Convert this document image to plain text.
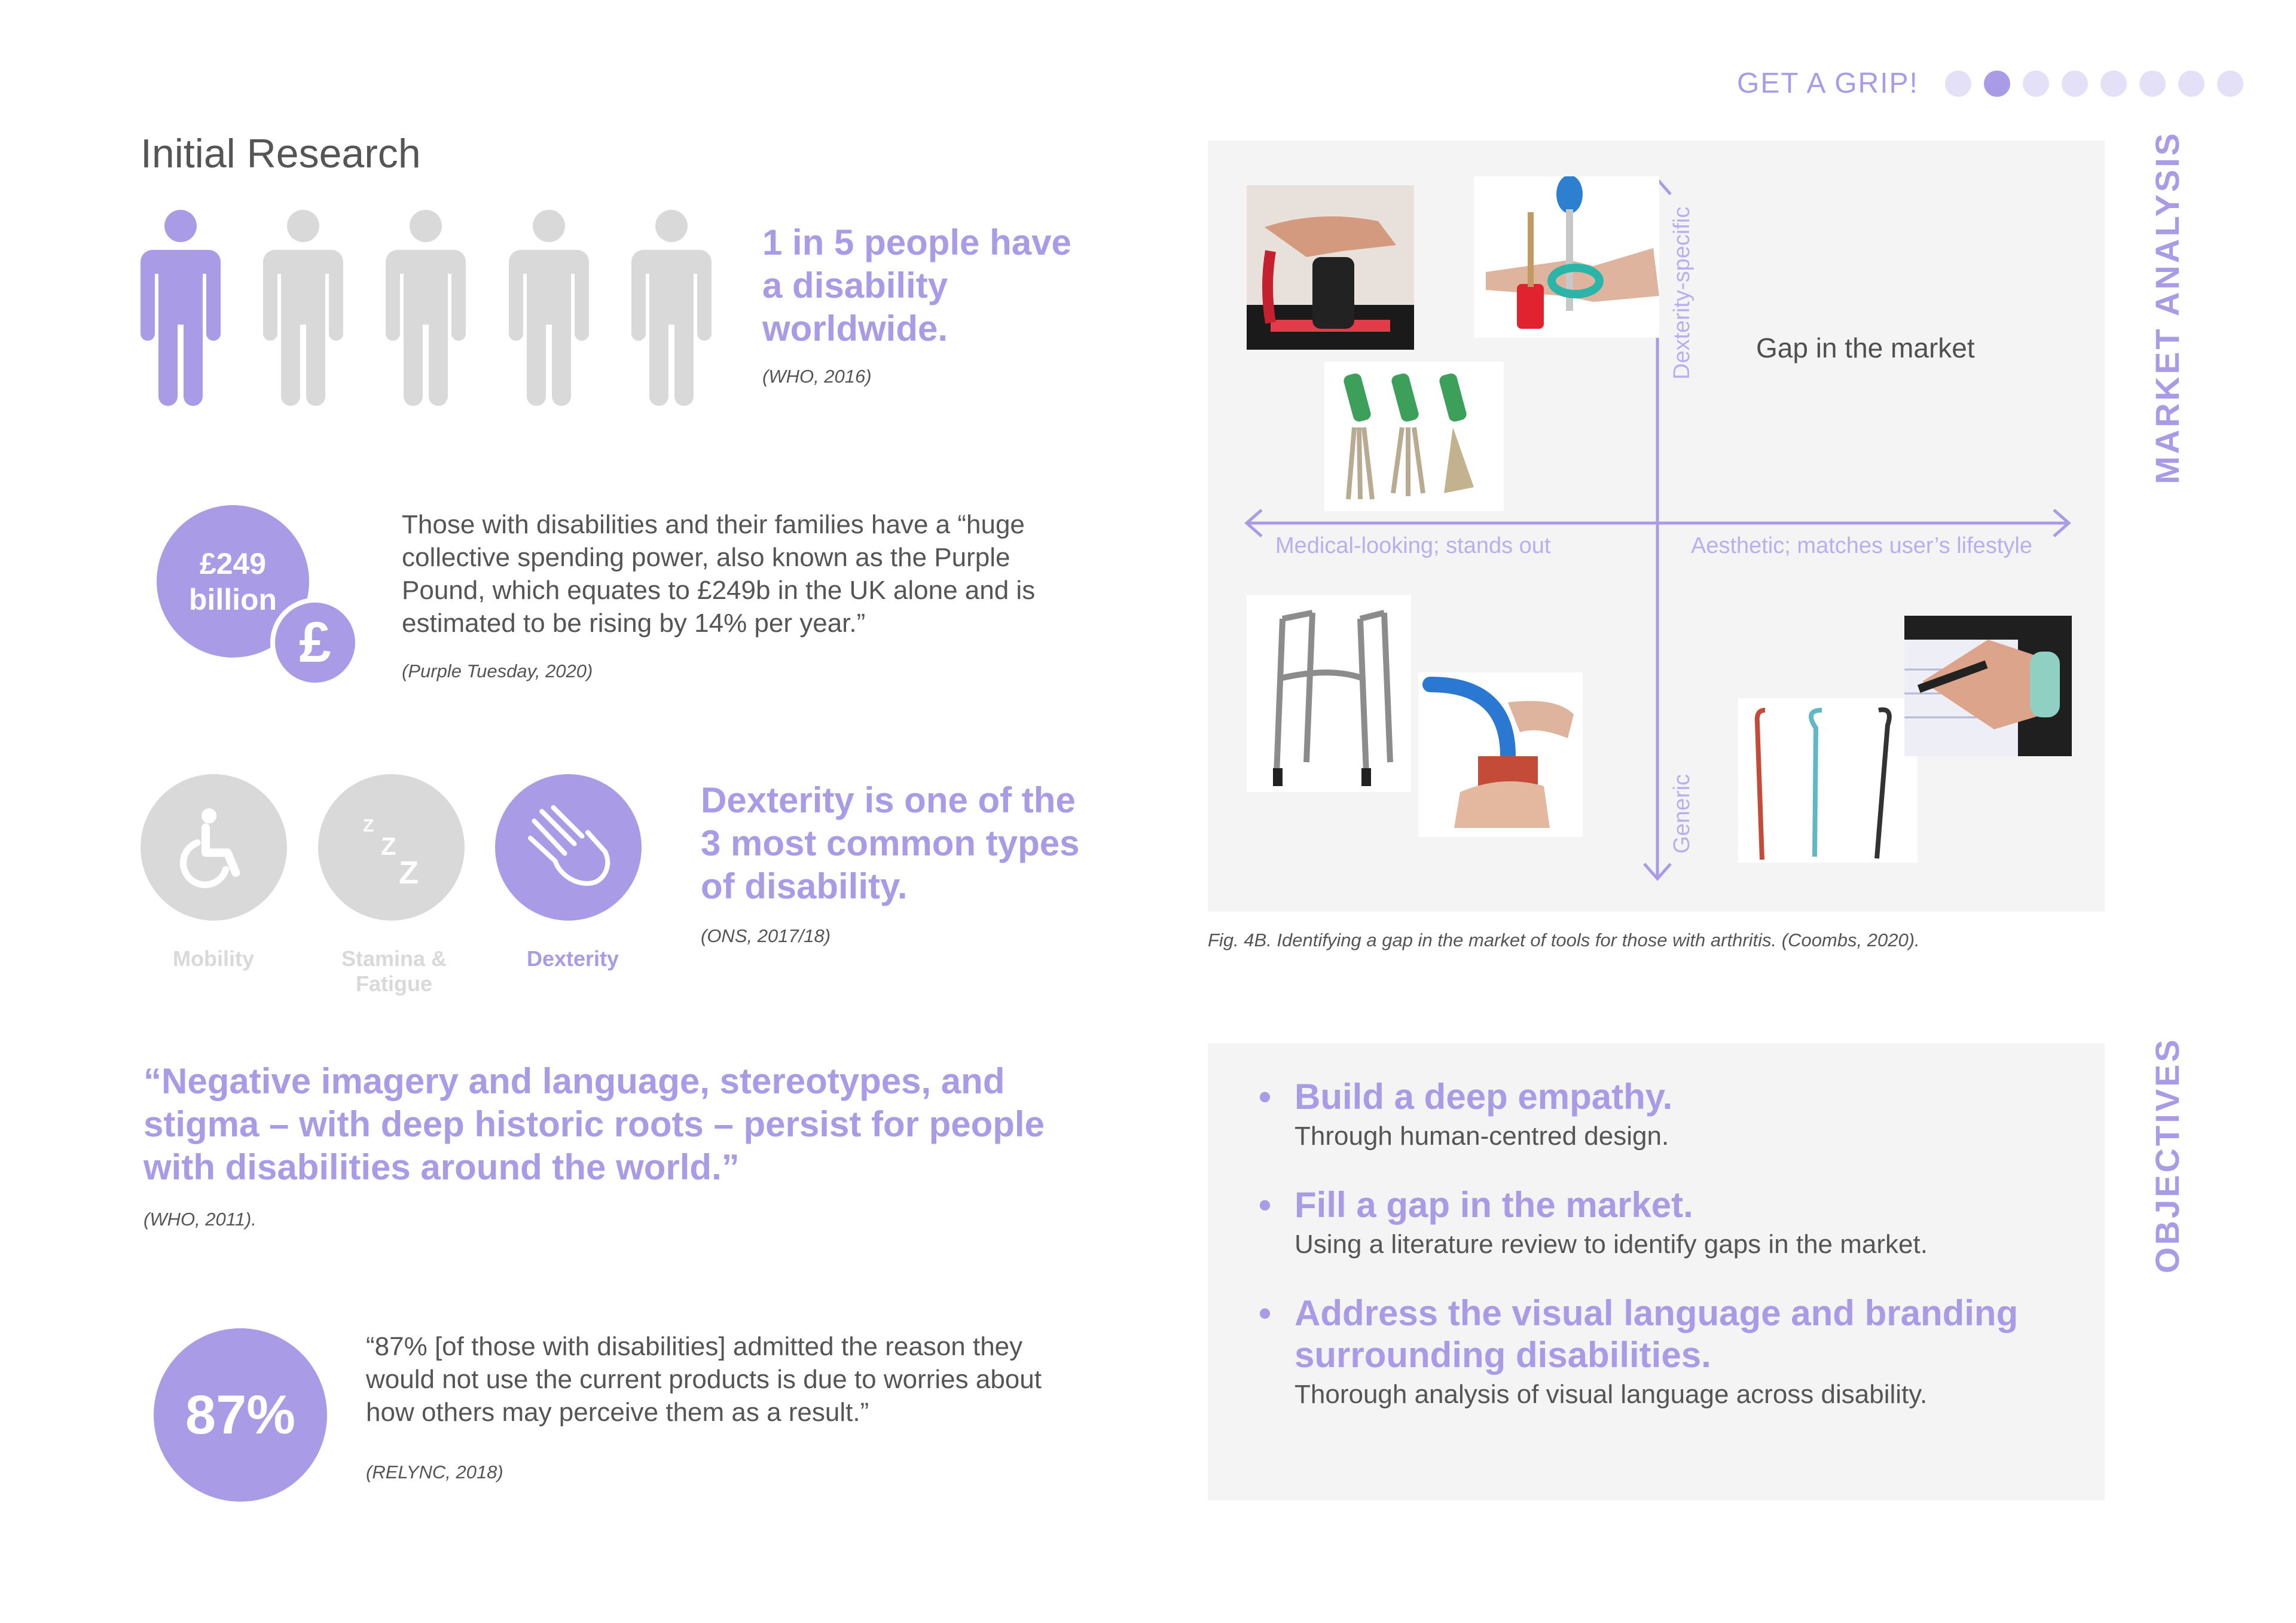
GET A GRIP!
Initial Research
1 in 5 people have a disability worldwide.
(WHO, 2016)
£249
billion
£
Those with disabilities and their families have a “huge collective spending power, also known as the Purple Pound, which equates to £249b in the UK alone and is estimated to be rising by 14% per year.”
(Purple Tuesday, 2020)
Z
Z
Z
Mobility	Stamina & Fatigue
Dexterity
Dexterity is one of the 3 most common types of disability.
(ONS, 2017/18)
“Negative imagery and language, stereotypes, and stigma – with deep historic roots – persist for people with disabilities around the world.”
(WHO, 2011).
87%
“87% [of those with disabilities] admitted the reason they would not use the current products is due to worries about how others may perceive them as a result.”
(RELYNC, 2018)
Dexterity-specific
Generic
Medical-looking; stands out	Aesthetic; matches user’s lifestyle
Gap in the market
Fig. 4B. Identifying a gap in the market of tools for those with arthritis. (Coombs, 2020).
MARKET ANALYSIS
• Build a deep empathy.
Through human-centred design.
• Fill a gap in the market.
Using a literature review to identify gaps in the market.
• Address the visual language and branding surrounding disabilities.
Thorough analysis of visual language across disability.
OBJECTIVES
